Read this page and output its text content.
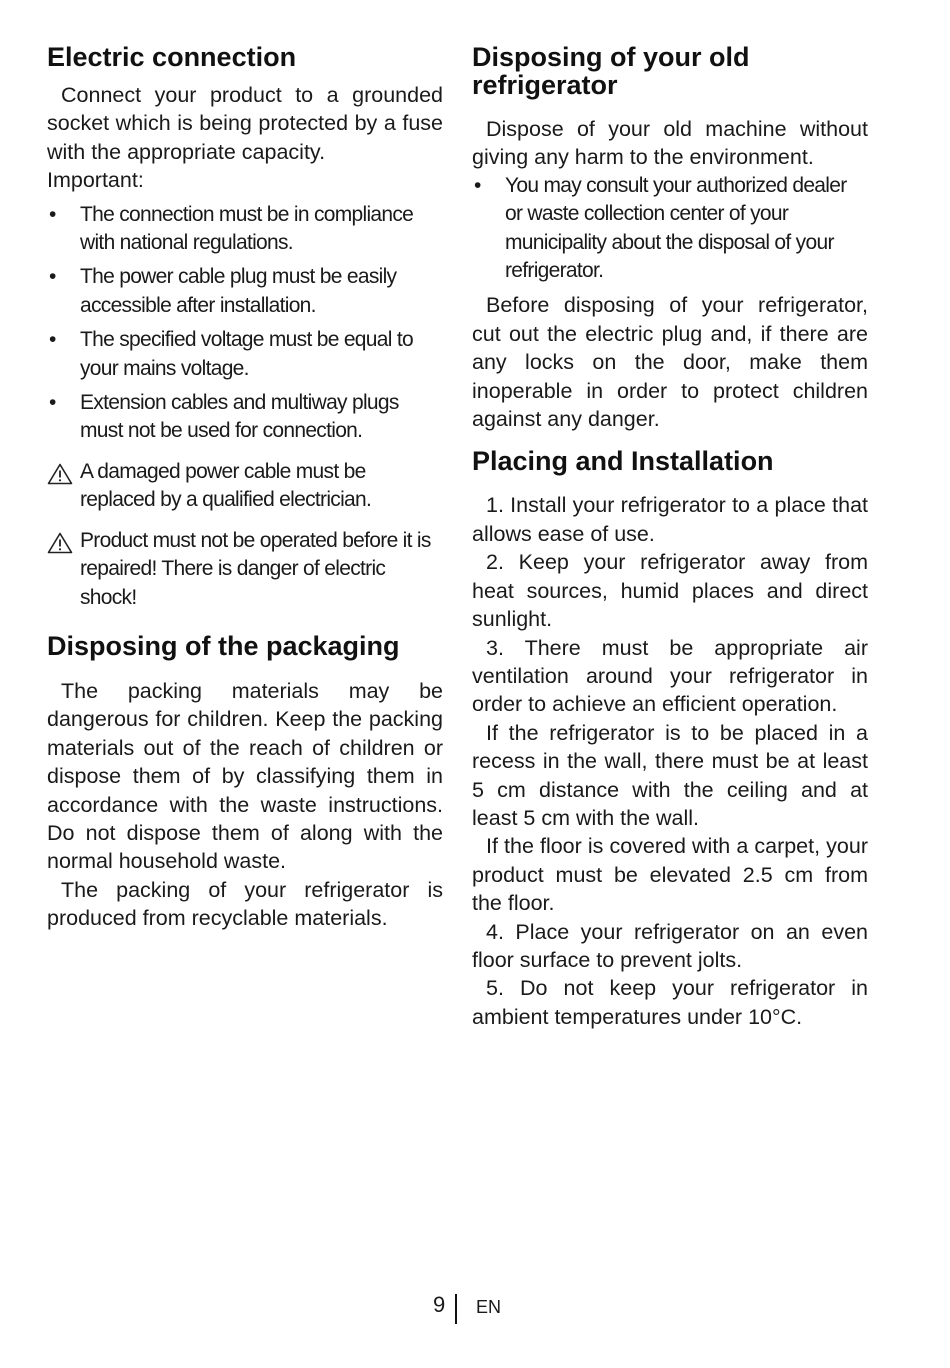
Electric connection

Connect your product to a grounded socket which is being protected by a fuse with the appropriate capacity.

Important:

• The connection must be in compliance with national regulations.
• The power cable plug must be easily accessible after installation.
• The specified voltage must be equal to your mains voltage.
• Extension cables and multiway plugs must not be used for connection.
A damaged power cable must be replaced by a qualified electrician.
Product must not be operated before it is repaired! There is danger of electric shock!
Disposing of the packaging

The packing materials may be dangerous for children. Keep the packing materials out of the reach of children or dispose them of by classifying them in accordance with the waste instructions. Do not dispose them of along with the normal household waste.

The packing of your refrigerator is produced from recyclable materials.

Disposing of your old refrigerator

Dispose of your old machine without giving any harm to the environment.

• You may consult your authorized dealer or waste collection center of your municipality about the disposal of your refrigerator.

Before disposing of your refrigerator, cut out the electric plug and, if there are any locks on the door, make them inoperable in order to protect children against any danger.

Placing and Installation

1. Install your refrigerator to a place that allows ease of use.

2. Keep your refrigerator away from heat sources, humid places and direct sunlight.

3. There must be appropriate air ventilation around your refrigerator in order to achieve an efficient operation.

If the refrigerator is to be placed in a recess in the wall, there must be at least 5 cm distance with the ceiling and at least 5 cm with the wall.

If the floor is covered with a carpet, your product must be elevated 2.5 cm from the floor.

4. Place your refrigerator on an even floor surface to prevent jolts.

5. Do not keep your refrigerator in ambient temperatures under 10°C.

9 EN
